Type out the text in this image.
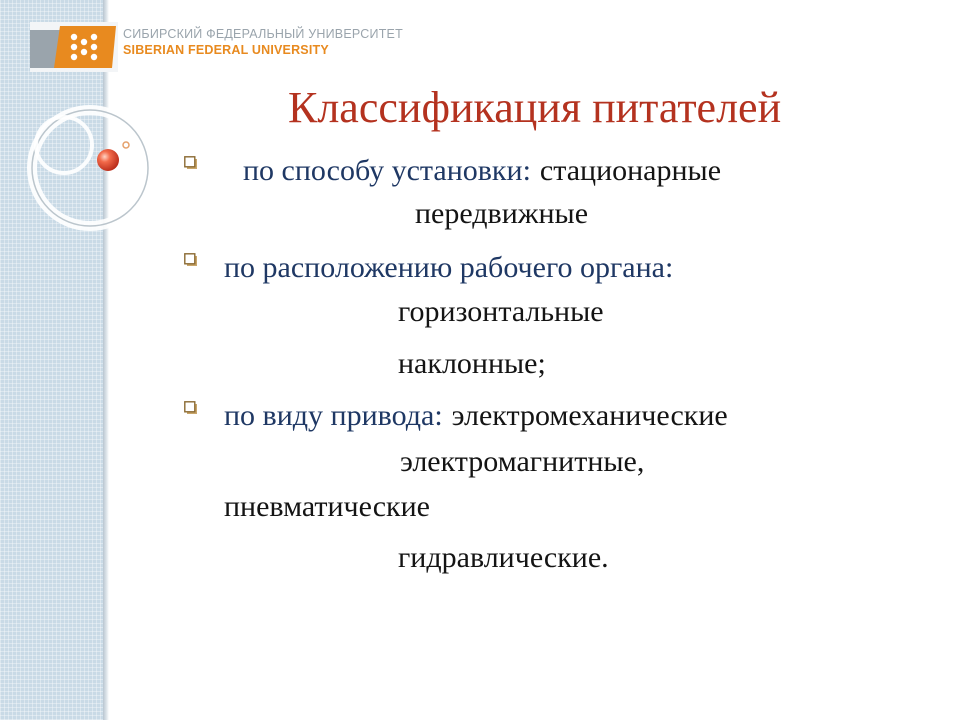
СИБИРСКИЙ ФЕДЕРАЛЬНЫЙ УНИВЕРСИТЕТ
SIBERIAN FEDERAL UNIVERSITY
Классификация питателей
по способу установки: стационарные
передвижные
по расположению рабочего органа:
горизонтальные
наклонные;
по виду привода: электромеханические
электромагнитные,
пневматические
гидравлические.
